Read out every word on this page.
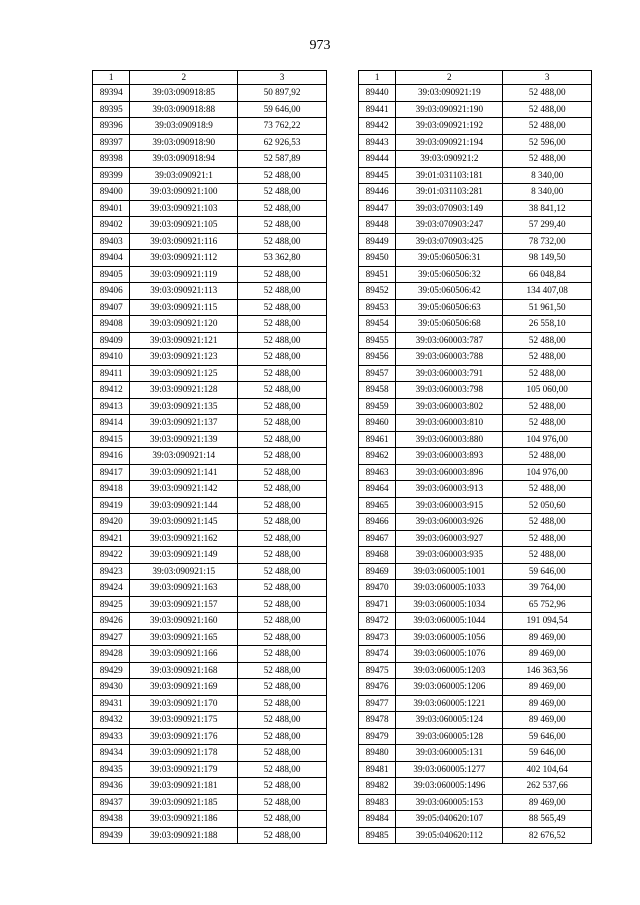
973
1	2	3
89394	39:03:090918:85	50 897,92
89395	39:03:090918:88	59 646,00
89396	39:03:090918:9	73 762,22
89397	39:03:090918:90	62 926,53
89398	39:03:090918:94	52 587,89
89399	39:03:090921:1	52 488,00
89400	39:03:090921:100	52 488,00
89401	39:03:090921:103	52 488,00
89402	39:03:090921:105	52 488,00
89403	39:03:090921:116	52 488,00
89404	39:03:090921:112	53 362,80
89405	39:03:090921:119	52 488,00
89406	39:03:090921:113	52 488,00
89407	39:03:090921:115	52 488,00
89408	39:03:090921:120	52 488,00
89409	39:03:090921:121	52 488,00
89410	39:03:090921:123	52 488,00
89411	39:03:090921:125	52 488,00
89412	39:03:090921:128	52 488,00
89413	39:03:090921:135	52 488,00
89414	39:03:090921:137	52 488,00
89415	39:03:090921:139	52 488,00
89416	39:03:090921:14	52 488,00
89417	39:03:090921:141	52 488,00
89418	39:03:090921:142	52 488,00
89419	39:03:090921:144	52 488,00
89420	39:03:090921:145	52 488,00
89421	39:03:090921:162	52 488,00
89422	39:03:090921:149	52 488,00
89423	39:03:090921:15	52 488,00
89424	39:03:090921:163	52 488,00
89425	39:03:090921:157	52 488,00
89426	39:03:090921:160	52 488,00
89427	39:03:090921:165	52 488,00
89428	39:03:090921:166	52 488,00
89429	39:03:090921:168	52 488,00
89430	39:03:090921:169	52 488,00
89431	39:03:090921:170	52 488,00
89432	39:03:090921:175	52 488,00
89433	39:03:090921:176	52 488,00
89434	39:03:090921:178	52 488,00
89435	39:03:090921:179	52 488,00
89436	39:03:090921:181	52 488,00
89437	39:03:090921:185	52 488,00
89438	39:03:090921:186	52 488,00
89439	39:03:090921:188	52 488,00
1	2	3
89440	39:03:090921:19	52 488,00
89441	39:03:090921:190	52 488,00
89442	39:03:090921:192	52 488,00
89443	39:03:090921:194	52 596,00
89444	39:03:090921:2	52 488,00
89445	39:01:031103:181	8 340,00
89446	39:01:031103:281	8 340,00
89447	39:03:070903:149	38 841,12
89448	39:03:070903:247	57 299,40
89449	39:03:070903:425	78 732,00
89450	39:05:060506:31	98 149,50
89451	39:05:060506:32	66 048,84
89452	39:05:060506:42	134 407,08
89453	39:05:060506:63	51 961,50
89454	39:05:060506:68	26 558,10
89455	39:03:060003:787	52 488,00
89456	39:03:060003:788	52 488,00
89457	39:03:060003:791	52 488,00
89458	39:03:060003:798	105 060,00
89459	39:03:060003:802	52 488,00
89460	39:03:060003:810	52 488,00
89461	39:03:060003:880	104 976,00
89462	39:03:060003:893	52 488,00
89463	39:03:060003:896	104 976,00
89464	39:03:060003:913	52 488,00
89465	39:03:060003:915	52 050,60
89466	39:03:060003:926	52 488,00
89467	39:03:060003:927	52 488,00
89468	39:03:060003:935	52 488,00
89469	39:03:060005:1001	59 646,00
89470	39:03:060005:1033	39 764,00
89471	39:03:060005:1034	65 752,96
89472	39:03:060005:1044	191 094,54
89473	39:03:060005:1056	89 469,00
89474	39:03:060005:1076	89 469,00
89475	39:03:060005:1203	146 363,56
89476	39:03:060005:1206	89 469,00
89477	39:03:060005:1221	89 469,00
89478	39:03:060005:124	89 469,00
89479	39:03:060005:128	59 646,00
89480	39:03:060005:131	59 646,00
89481	39:03:060005:1277	402 104,64
89482	39:03:060005:1496	262 537,66
89483	39:03:060005:153	89 469,00
89484	39:05:040620:107	88 565,49
89485	39:05:040620:112	82 676,52
